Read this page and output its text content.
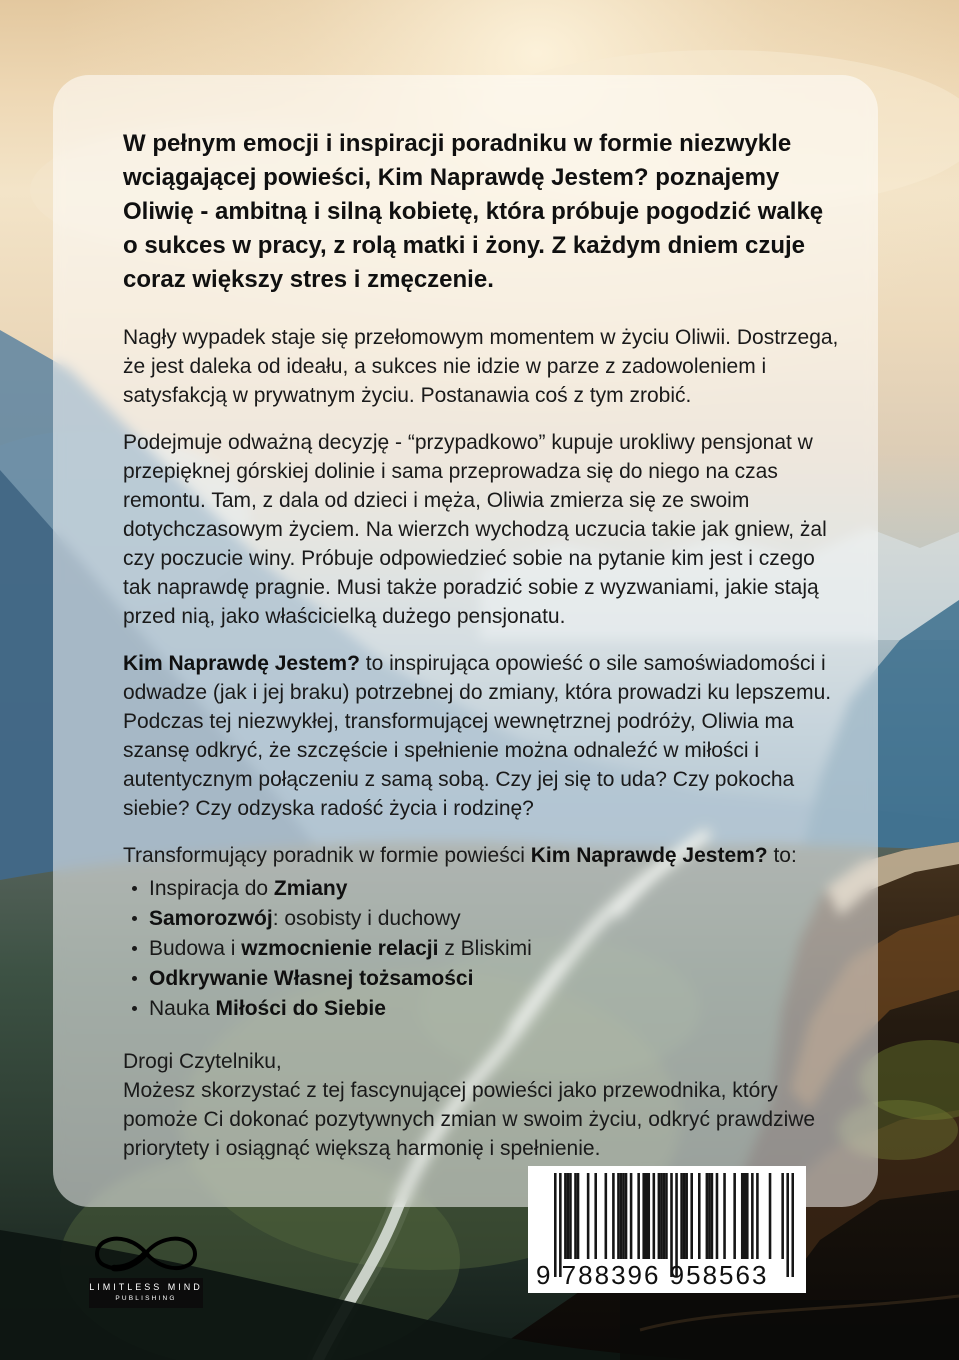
W pełnym emocji i inspiracji poradniku w formie niezwykle wciągającej powieści, Kim Naprawdę Jestem? poznajemy Oliwię - ambitną i silną kobietę, która próbuje pogodzić walkę o sukces w pracy, z rolą matki i żony. Z każdym dniem czuje coraz większy stres i zmęczenie.

Nagły wypadek staje się przełomowym momentem w życiu Oliwii. Dostrzega, że jest daleka od ideału, a sukces nie idzie w parze z zadowoleniem i satysfakcją w prywatnym życiu. Postanawia coś z tym zrobić.

Podejmuje odważną decyzję - “przypadkowo” kupuje urokliwy pensjonat w przepięknej górskiej dolinie i sama przeprowadza się do niego na czas remontu. Tam, z dala od dzieci i męża, Oliwia zmierza się ze swoim dotychczasowym życiem. Na wierzch wychodzą uczucia takie jak gniew, żal czy poczucie winy. Próbuje odpowiedzieć sobie na pytanie kim jest i czego tak naprawdę pragnie. Musi także poradzić sobie z wyzwaniami, jakie stają przed nią, jako właścicielką dużego pensjonatu.

Kim Naprawdę Jestem? to inspirująca opowieść o sile samoświadomości i odwadze (jak i jej braku) potrzebnej do zmiany, która prowadzi ku lepszemu. Podczas tej niezwykłej, transformującej wewnętrznej podróży, Oliwia ma szansę odkryć, że szczęście i spełnienie można odnaleźć w miłości i autentycznym połączeniu z samą sobą. Czy jej się to uda? Czy pokocha siebie? Czy odzyska radość życia i rodzinę?

Transformujący poradnik w formie powieści Kim Naprawdę Jestem? to:

Inspiracja do Zmiany
Samorozwój: osobisty i duchowy
Budowa i wzmocnienie relacji z Bliskimi
Odkrywanie Własnej tożsamości
Nauka Miłości do Siebie
Drogi Czytelniku,

Możesz skorzystać z tej fascynującej powieści jako przewodnika, który pomoże Ci dokonać pozytywnych zmian w swoim życiu, odkryć prawdziwe priorytety i osiągnąć większą harmonię i spełnienie.

LIMITLESS MIND
PUBLISHING
9 788396 958563
